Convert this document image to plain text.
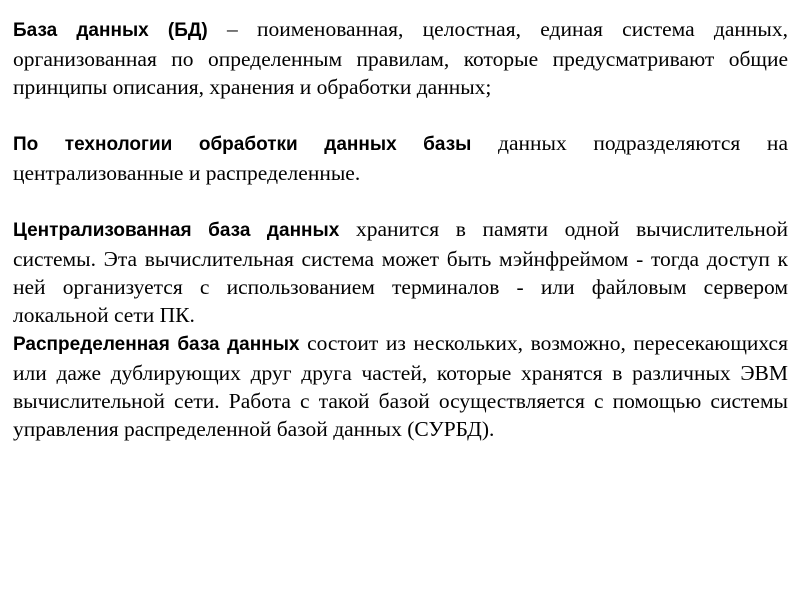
База данных (БД) – поименованная, целостная, единая система данных, организованная по определенным правилам, которые предусматривают общие принципы описания, хранения и обработки данных;

По технологии обработки данных базы данных подразделяются на централизованные и распределенные.

Централизованная база данных хранится в памяти одной вычислительной системы. Эта вычислительная система может быть мэйнфреймом - тогда доступ к ней организуется с использованием терминалов - или файловым сервером локальной сети ПК.

Распределенная база данных состоит из нескольких, возможно, пересекающихся или даже дублирующих друг друга частей, которые хранятся в различных ЭВМ вычислительной сети. Работа с такой базой осуществляется с помощью системы управления распределенной базой данных (СУРБД).
